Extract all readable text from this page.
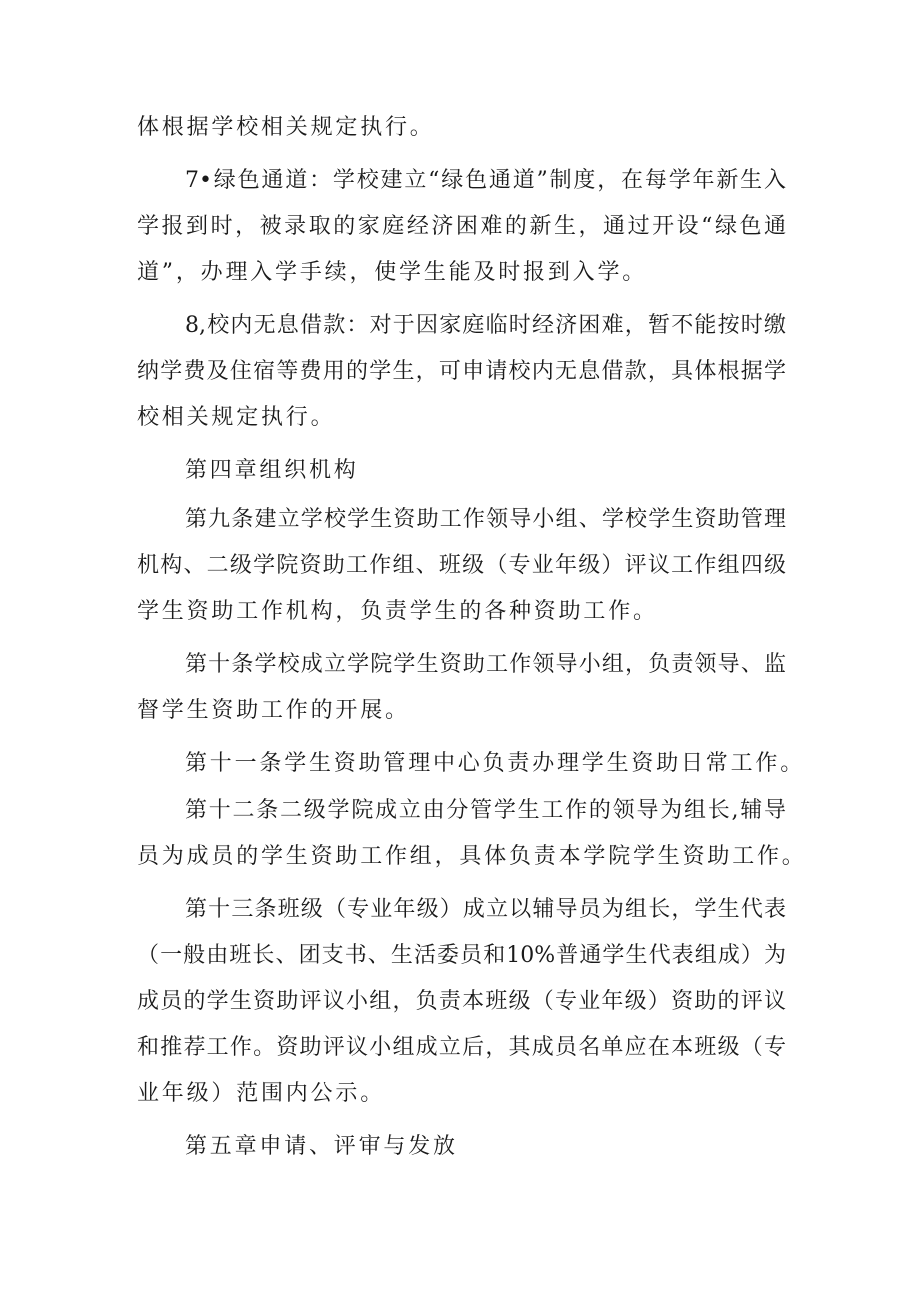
体根据学校相关规定执行。
7•绿色通道：学校建立“绿色通道”制度，在每学年新生入
学报到时，被录取的家庭经济困难的新生，通过开设“绿色通
道”，办理入学手续，使学生能及时报到入学。
8,校内无息借款：对于因家庭临时经济困难，暂不能按时缴
纳学费及住宿等费用的学生，可申请校内无息借款，具体根据学
校相关规定执行。
第四章组织机构
第九条建立学校学生资助工作领导小组、学校学生资助管理
机构、二级学院资助工作组、班级（专业年级）评议工作组四级
学生资助工作机构，负责学生的各种资助工作。
第十条学校成立学院学生资助工作领导小组，负责领导、监
督学生资助工作的开展。
第十一条学生资助管理中心负责办理学生资助日常工作。
第十二条二级学院成立由分管学生工作的领导为组长,辅导
员为成员的学生资助工作组，具体负责本学院学生资助工作。
第十三条班级（专业年级）成立以辅导员为组长，学生代表
（一般由班长、团支书、生活委员和10%普通学生代表组成）为
成员的学生资助评议小组，负责本班级（专业年级）资助的评议
和推荐工作。资助评议小组成立后，其成员名单应在本班级（专
业年级）范围内公示。
第五章申请、评审与发放
